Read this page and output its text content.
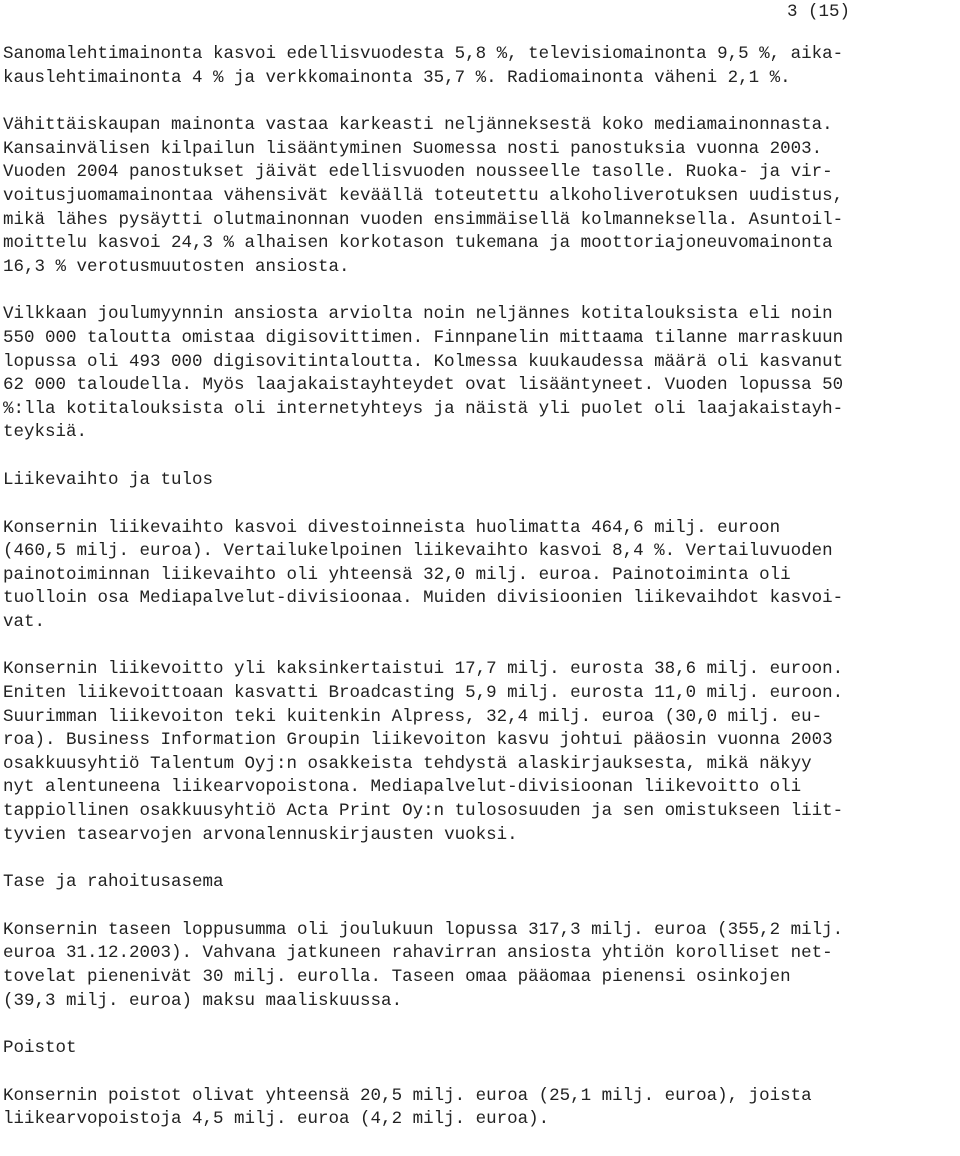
3 (15)
Sanomalehtimainonta kasvoi edellisvuodesta 5,8 %, televisiomainonta 9,5 %, aika-
kauslehtimainonta 4 % ja verkkomainonta 35,7 %. Radiomainonta väheni 2,1 %.
Vähittäiskaupan mainonta vastaa karkeasti neljänneksestä koko mediamainonnasta.
Kansainvälisen kilpailun lisääntyminen Suomessa nosti panostuksia vuonna 2003.
Vuoden 2004 panostukset jäivät edellisvuoden nousseelle tasolle. Ruoka- ja vir-
voitusjuomamainontaa vähensivät keväällä toteutettu alkoholiverotuksen uudistus,
mikä lähes pysäytti olutmainonnan vuoden ensimmäisellä kolmanneksella. Asuntoil-
moittelu kasvoi 24,3 % alhaisen korkotason tukemana ja moottoriajoneuvomainonta
16,3 % verotusmuutosten ansiosta.
Vilkkaan joulumyynnin ansiosta arviolta noin neljännes kotitalouksista eli noin
550 000 taloutta omistaa digisovittimen. Finnpanelin mittaama tilanne marraskuun
lopussa oli 493 000 digisovitintaloutta. Kolmessa kuukaudessa määrä oli kasvanut
62 000 taloudella. Myös laajakaistayhteydet ovat lisääntyneet. Vuoden lopussa 50
%:lla kotitalouksista oli internetyhteys ja näistä yli puolet oli laajakaistayh-
teyksiä.
Liikevaihto ja tulos
Konsernin liikevaihto kasvoi divestoinneista huolimatta 464,6 milj. euroon
(460,5 milj. euroa). Vertailukelpoinen liikevaihto kasvoi 8,4 %. Vertailuvuoden
painotoiminnan liikevaihto oli yhteensä 32,0 milj. euroa. Painotoiminta oli
tuolloin osa Mediapalvelut-divisioonaa. Muiden divisioonien liikevaihdot kasvoi-
vat.
Konsernin liikevoitto yli kaksinkertaistui 17,7 milj. eurosta 38,6 milj. euroon.
Eniten liikevoittoaan kasvatti Broadcasting 5,9 milj. eurosta 11,0 milj. euroon.
Suurimman liikevoiton teki kuitenkin Alpress, 32,4 milj. euroa (30,0 milj. eu-
roa). Business Information Groupin liikevoiton kasvu johtui pääosin vuonna 2003
osakkuusyhtiö Talentum Oyj:n osakkeista tehdystä alaskirjauksesta, mikä näkyy
nyt alentuneena liikearvopoistona. Mediapalvelut-divisioonan liikevoitto oli
tappiollinen osakkuusyhtiö Acta Print Oy:n tulososuuden ja sen omistukseen liit-
tyvien tasearvojen arvonalennuskirjausten vuoksi.
Tase ja rahoitusasema
Konsernin taseen loppusumma oli joulukuun lopussa 317,3 milj. euroa (355,2 milj.
euroa 31.12.2003). Vahvana jatkuneen rahavirran ansiosta yhtiön korolliset net-
tovelat pienenivät 30 milj. eurolla. Taseen omaa pääomaa pienensi osinkojen
(39,3 milj. euroa) maksu maaliskuussa.
Poistot
Konsernin poistot olivat yhteensä 20,5 milj. euroa (25,1 milj. euroa), joista
liikearvopoistoja 4,5 milj. euroa (4,2 milj. euroa).
